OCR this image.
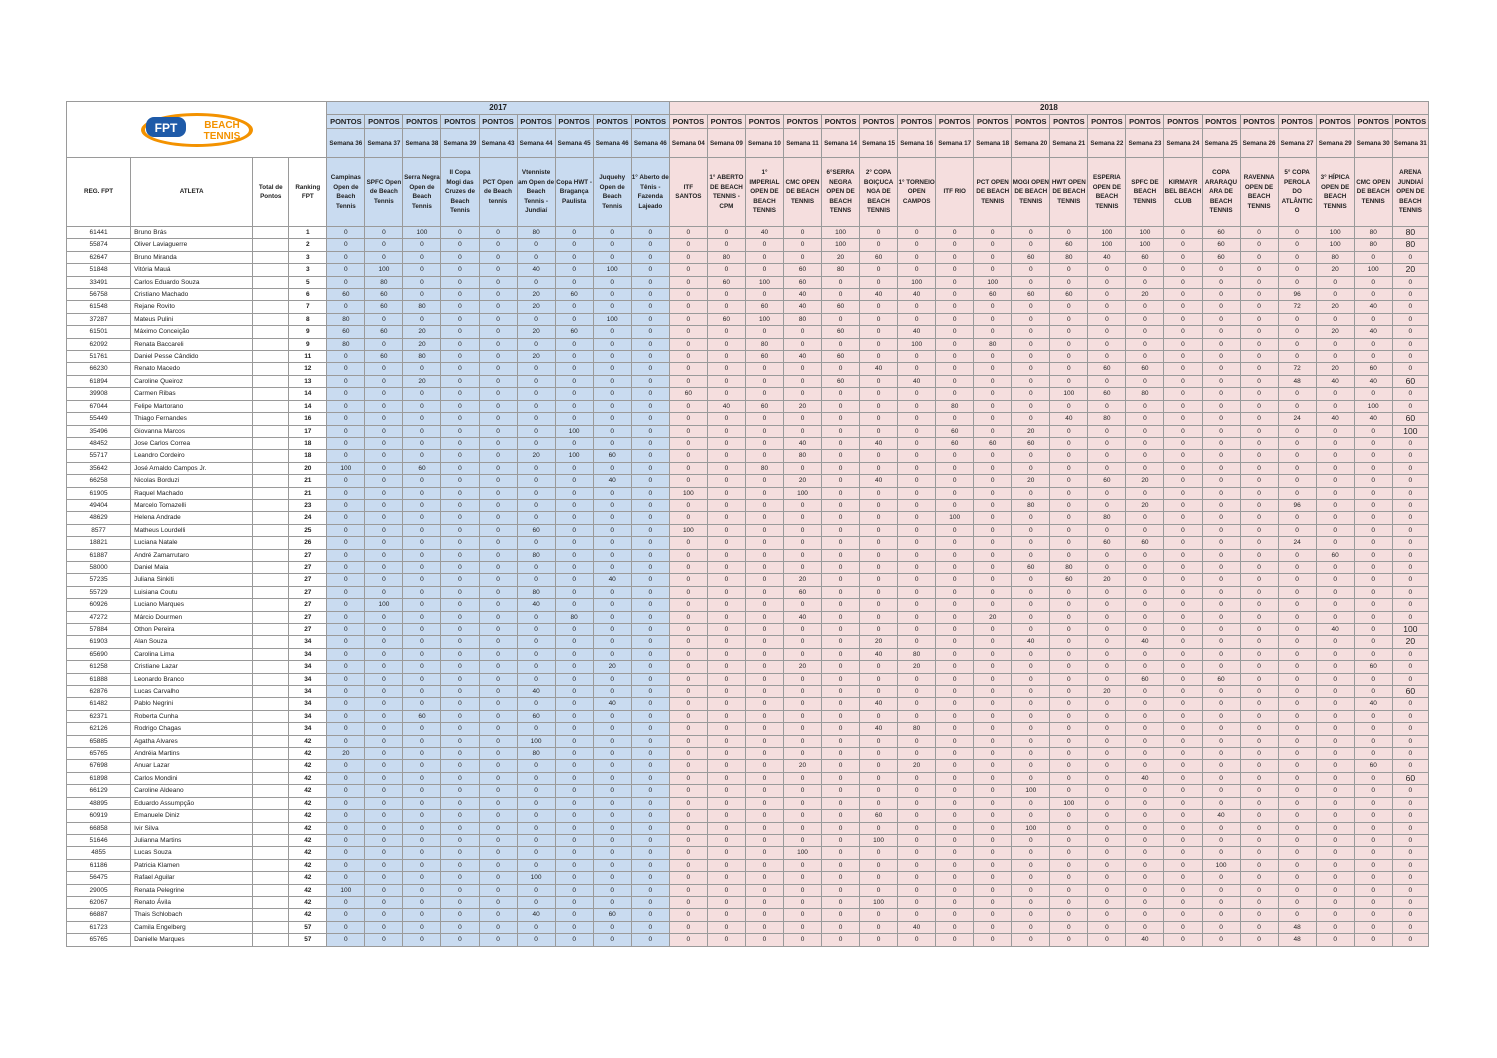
FPT BEACH
TENNIS				2017									2018																			
				PONTOS	PONTOS	PONTOS	PONTOS	PONTOS	PONTOS	PONTOS	PONTOS	PONTOS	PONTOS	PONTOS	PONTOS	PONTOS	PONTOS	PONTOS	PONTOS	PONTOS	PONTOS	PONTOS	PONTOS	PONTOS	PONTOS	PONTOS	PONTOS	PONTOS	PONTOS	PONTOS	PONTOS	PONTOS
				Semana 36	Semana 37	Semana 38	Semana 39	Semana 43	Semana 44	Semana 45	Semana 46	Semana 46	Semana 04	Semana 09	Semana 10	Semana 11	Semana 14	Semana 15	Semana 16	Semana 17	Semana 18	Semana 20	Semana 21	Semana 22	Semana 23	Semana 24	Semana 25	Semana 26	Semana 27	Semana 29	Semana 30	Semana 31
REG. FPT	ATLETA	Total de Pontos	Ranking FPT	Campinas Open de Beach Tennis	SPFC Open de Beach Tennis	Serra Negra Open de Beach Tennis	II Copa Mogi das Cruzes de Beach Tennis	PCT Open de Beach tennis	Vtenniste am Open de Beach Tennis - Jundiaí	Copa HWT - Bragança Paulista	Juquehy Open de Beach Tennis	1° Aberto de Tênis - Fazenda Lajeado	ITF SANTOS	1° ABERTO DE BEACH TENNIS - CPM	1° IMPERIAL OPEN DE BEACH TENNIS	CMC OPEN DE BEACH TENNIS	6°SERRA NEGRA OPEN DE BEACH TENNS	2° COPA BOIÇUCA NGA DE BEACH TENNIS	1° TORNEIO OPEN CAMPOS	ITF RIO	PCT OPEN DE BEACH TENNIS	MOGI OPEN DE BEACH TENNIS	HWT OPEN DE BEACH TENNIS	ESPERIA OPEN DE BEACH TENNIS	SPFC DE BEACH TENNIS	KIRMAYR BEL BEACH CLUB	COPA ARARAQU ARA DE BEACH TENNIS	RAVENNA OPEN DE BEACH TENNIS	5° COPA PEROLA DO ATLÂNTIC O	3° HÍPICA OPEN DE BEACH TENNIS	CMC OPEN DE BEACH TENNIS	ARENA JUNDIAÍ OPEN DE BEACH TENNIS
61441	Bruno Brás		1	0	0	100	0	0	80	0	0	0	0	0	40	0	100	0	0	0	0	0	0	100	100	0	60	0	0	100	80	80
55874	Oliver Laviaguerre		2	0	0	0	0	0	0	0	0	0	0	0	0	0	100	0	0	0	0	0	60	100	100	0	60	0	0	100	80	80
62647	Bruno Miranda		3	0	0	0	0	0	0	0	0	0	0	80	0	0	20	60	0	0	0	60	80	40	60	0	60	0	0	80	0	0
51848	Vitória Mauá		3	0	100	0	0	0	40	0	100	0	0	0	0	60	80	0	0	0	0	0	0	0	0	0	0	0	0	20	100	20
33491	Carlos Eduardo Souza		5	0	80	0	0	0	0	0	0	0	0	60	100	60	0	0	100	0	100	0	0	0	0	0	0	0	0	0	0	0
56758	Cristiano Machado		6	60	60	0	0	0	20	60	0	0	0	0	0	40	0	40	40	0	60	60	60	0	20	0	0	0	96	0	0	0
61548	Rejane Rovito		7	0	60	80	0	0	20	0	0	0	0	0	60	40	60	0	0	0	0	0	0	0	0	0	0	0	72	20	40	0
37287	Mateus Pulini		8	80	0	0	0	0	0	0	100	0	0	60	100	80	0	0	0	0	0	0	0	0	0	0	0	0	0	0	0	0
61501	Máximo Conceição		9	60	60	20	0	0	20	60	0	0	0	0	0	0	60	0	40	0	0	0	0	0	0	0	0	0	0	20	40	0
62092	Renata Baccareli		9	80	0	20	0	0	0	0	0	0	0	0	80	0	0	0	100	0	80	0	0	0	0	0	0	0	0	0	0	0
51761	Daniel Pesse Cândido		11	0	60	80	0	0	20	0	0	0	0	0	60	40	60	0	0	0	0	0	0	0	0	0	0	0	0	0	0	0
66230	Renato Macedo		12	0	0	0	0	0	0	0	0	0	0	0	0	0	0	40	0	0	0	0	0	60	60	0	0	0	72	20	60	0
61894	Caroline Queiroz		13	0	0	20	0	0	0	0	0	0	0	0	0	0	60	0	40	0	0	0	0	0	0	0	0	0	48	40	40	60
39908	Carmen Ribas		14	0	0	0	0	0	0	0	0	0	60	0	0	0	0	0	0	0	0	0	100	60	80	0	0	0	0	0	0	0
67044	Felipe Martorano		14	0	0	0	0	0	0	0	0	0	0	40	60	20	0	0	0	80	0	0	0	0	0	0	0	0	0	0	100	0
55449	Thiago Fernandes		16	0	0	0	0	0	0	0	0	0	0	0	0	0	0	0	0	0	0	0	40	80	0	0	0	0	24	40	40	60
35496	Giovanna Marcos		17	0	0	0	0	0	0	100	0	0	0	0	0	0	0	0	0	60	0	20	0	0	0	0	0	0	0	0	0	100
48452	Jose Carlos Correa		18	0	0	0	0	0	0	0	0	0	0	0	0	40	0	40	0	60	60	60	0	0	0	0	0	0	0	0	0	0
55717	Leandro Cordeiro		18	0	0	0	0	0	20	100	60	0	0	0	0	80	0	0	0	0	0	0	0	0	0	0	0	0	0	0	0	0
35642	José Arnaldo Campos Jr.		20	100	0	60	0	0	0	0	0	0	0	0	80	0	0	0	0	0	0	0	0	0	0	0	0	0	0	0	0	0
66258	Nicolas Borduzi		21	0	0	0	0	0	0	0	40	0	0	0	0	20	0	40	0	0	0	20	0	60	20	0	0	0	0	0	0	0
61905	Raquel Machado		21	0	0	0	0	0	0	0	0	0	100	0	0	100	0	0	0	0	0	0	0	0	0	0	0	0	0	0	0	0
49404	Marcelo Tomazelli		23	0	0	0	0	0	0	0	0	0	0	0	0	0	0	0	0	0	0	80	0	0	20	0	0	0	96	0	0	0
48629	Helena Andrade		24	0	0	0	0	0	0	0	0	0	0	0	0	0	0	0	0	100	0	0	0	80	0	0	0	0	0	0	0	0
8577	Matheus Lourdelli		25	0	0	0	0	0	60	0	0	0	100	0	0	0	0	0	0	0	0	0	0	0	0	0	0	0	0	0	0	0
18821	Luciana Natale		26	0	0	0	0	0	0	0	0	0	0	0	0	0	0	0	0	0	0	0	0	60	60	0	0	0	24	0	0	0
61887	André Zamarrutaro		27	0	0	0	0	0	80	0	0	0	0	0	0	0	0	0	0	0	0	0	0	0	0	0	0	0	0	60	0	0
58000	Daniel Maia		27	0	0	0	0	0	0	0	0	0	0	0	0	0	0	0	0	0	0	60	80	0	0	0	0	0	0	0	0	0
57235	Juliana Sinkiti		27	0	0	0	0	0	0	0	40	0	0	0	0	20	0	0	0	0	0	0	60	20	0	0	0	0	0	0	0	0
55729	Luisiana Coutu		27	0	0	0	0	0	80	0	0	0	0	0	0	60	0	0	0	0	0	0	0	0	0	0	0	0	0	0	0	0
60926	Luciano Marques		27	0	100	0	0	0	40	0	0	0	0	0	0	0	0	0	0	0	0	0	0	0	0	0	0	0	0	0	0	0
47272	Márcio Dourmen		27	0	0	0	0	0	0	80	0	0	0	0	0	40	0	0	0	0	20	0	0	0	0	0	0	0	0	0	0	0
57884	Othon Pereira		27	0	0	0	0	0	0	0	0	0	0	0	0	0	0	0	0	0	0	0	0	0	0	0	0	0	0	40	0	100
61903	Alan Souza		34	0	0	0	0	0	0	0	0	0	0	0	0	0	0	20	0	0	0	40	0	0	40	0	0	0	0	0	0	20
65690	Carolina Lima		34	0	0	0	0	0	0	0	0	0	0	0	0	0	0	40	80	0	0	0	0	0	0	0	0	0	0	0	0	0
61258	Cristiane Lazar		34	0	0	0	0	0	0	0	20	0	0	0	0	20	0	0	20	0	0	0	0	0	0	0	0	0	0	0	60	0
61888	Leonardo Branco		34	0	0	0	0	0	0	0	0	0	0	0	0	0	0	0	0	0	0	0	0	0	60	0	60	0	0	0	0	0
62876	Lucas Carvalho		34	0	0	0	0	0	40	0	0	0	0	0	0	0	0	0	0	0	0	0	0	20	0	0	0	0	0	0	0	60
61482	Pablo Negrini		34	0	0	0	0	0	0	0	40	0	0	0	0	0	0	40	0	0	0	0	0	0	0	0	0	0	0	0	40	0
62371	Roberta Cunha		34	0	0	60	0	0	60	0	0	0	0	0	0	0	0	0	0	0	0	0	0	0	0	0	0	0	0	0	0	0
62126	Rodrigo Chagas		34	0	0	0	0	0	0	0	0	0	0	0	0	0	0	40	80	0	0	0	0	0	0	0	0	0	0	0	0	0
65885	Agatha Alvares		42	0	0	0	0	0	100	0	0	0	0	0	0	0	0	0	0	0	0	0	0	0	0	0	0	0	0	0	0	0
65765	Andréia Martins		42	20	0	0	0	0	80	0	0	0	0	0	0	0	0	0	0	0	0	0	0	0	0	0	0	0	0	0	0	0
67698	Anuar Lazar		42	0	0	0	0	0	0	0	0	0	0	0	0	20	0	0	20	0	0	0	0	0	0	0	0	0	0	0	60	0
61898	Carlos Mondini		42	0	0	0	0	0	0	0	0	0	0	0	0	0	0	0	0	0	0	0	0	0	40	0	0	0	0	0	0	60
66129	Caroline Aldeano		42	0	0	0	0	0	0	0	0	0	0	0	0	0	0	0	0	0	0	100	0	0	0	0	0	0	0	0	0	0
48895	Eduardo Assumpção		42	0	0	0	0	0	0	0	0	0	0	0	0	0	0	0	0	0	0	0	100	0	0	0	0	0	0	0	0	0
60919	Emanuele Diniz		42	0	0	0	0	0	0	0	0	0	0	0	0	0	0	60	0	0	0	0	0	0	0	0	40	0	0	0	0	0
66858	Ivir Silva		42	0	0	0	0	0	0	0	0	0	0	0	0	0	0	0	0	0	0	100	0	0	0	0	0	0	0	0	0	0
51646	Julianna Martins		42	0	0	0	0	0	0	0	0	0	0	0	0	0	0	100	0	0	0	0	0	0	0	0	0	0	0	0	0	0
4855	Lucas Souza		42	0	0	0	0	0	0	0	0	0	0	0	0	100	0	0	0	0	0	0	0	0	0	0	0	0	0	0	0	0
61186	Patricia Klamen		42	0	0	0	0	0	0	0	0	0	0	0	0	0	0	0	0	0	0	0	0	0	0	0	100	0	0	0	0	0
56475	Rafael Aguilar		42	0	0	0	0	0	100	0	0	0	0	0	0	0	0	0	0	0	0	0	0	0	0	0	0	0	0	0	0	0
29005	Renata Pelegrine		42	100	0	0	0	0	0	0	0	0	0	0	0	0	0	0	0	0	0	0	0	0	0	0	0	0	0	0	0	0
62067	Renato Ávila		42	0	0	0	0	0	0	0	0	0	0	0	0	0	0	100	0	0	0	0	0	0	0	0	0	0	0	0	0	0
66887	Thais Schlobach		42	0	0	0	0	0	40	0	60	0	0	0	0	0	0	0	0	0	0	0	0	0	0	0	0	0	0	0	0	0
61723	Camila Engelberg		57	0	0	0	0	0	0	0	0	0	0	0	0	0	0	0	40	0	0	0	0	0	0	0	0	0	48	0	0	0
65765	Danielle Marques		57	0	0	0	0	0	0	0	0	0	0	0	0	0	0	0	0	0	0	0	0	0	40	0	0	0	48	0	0	0
